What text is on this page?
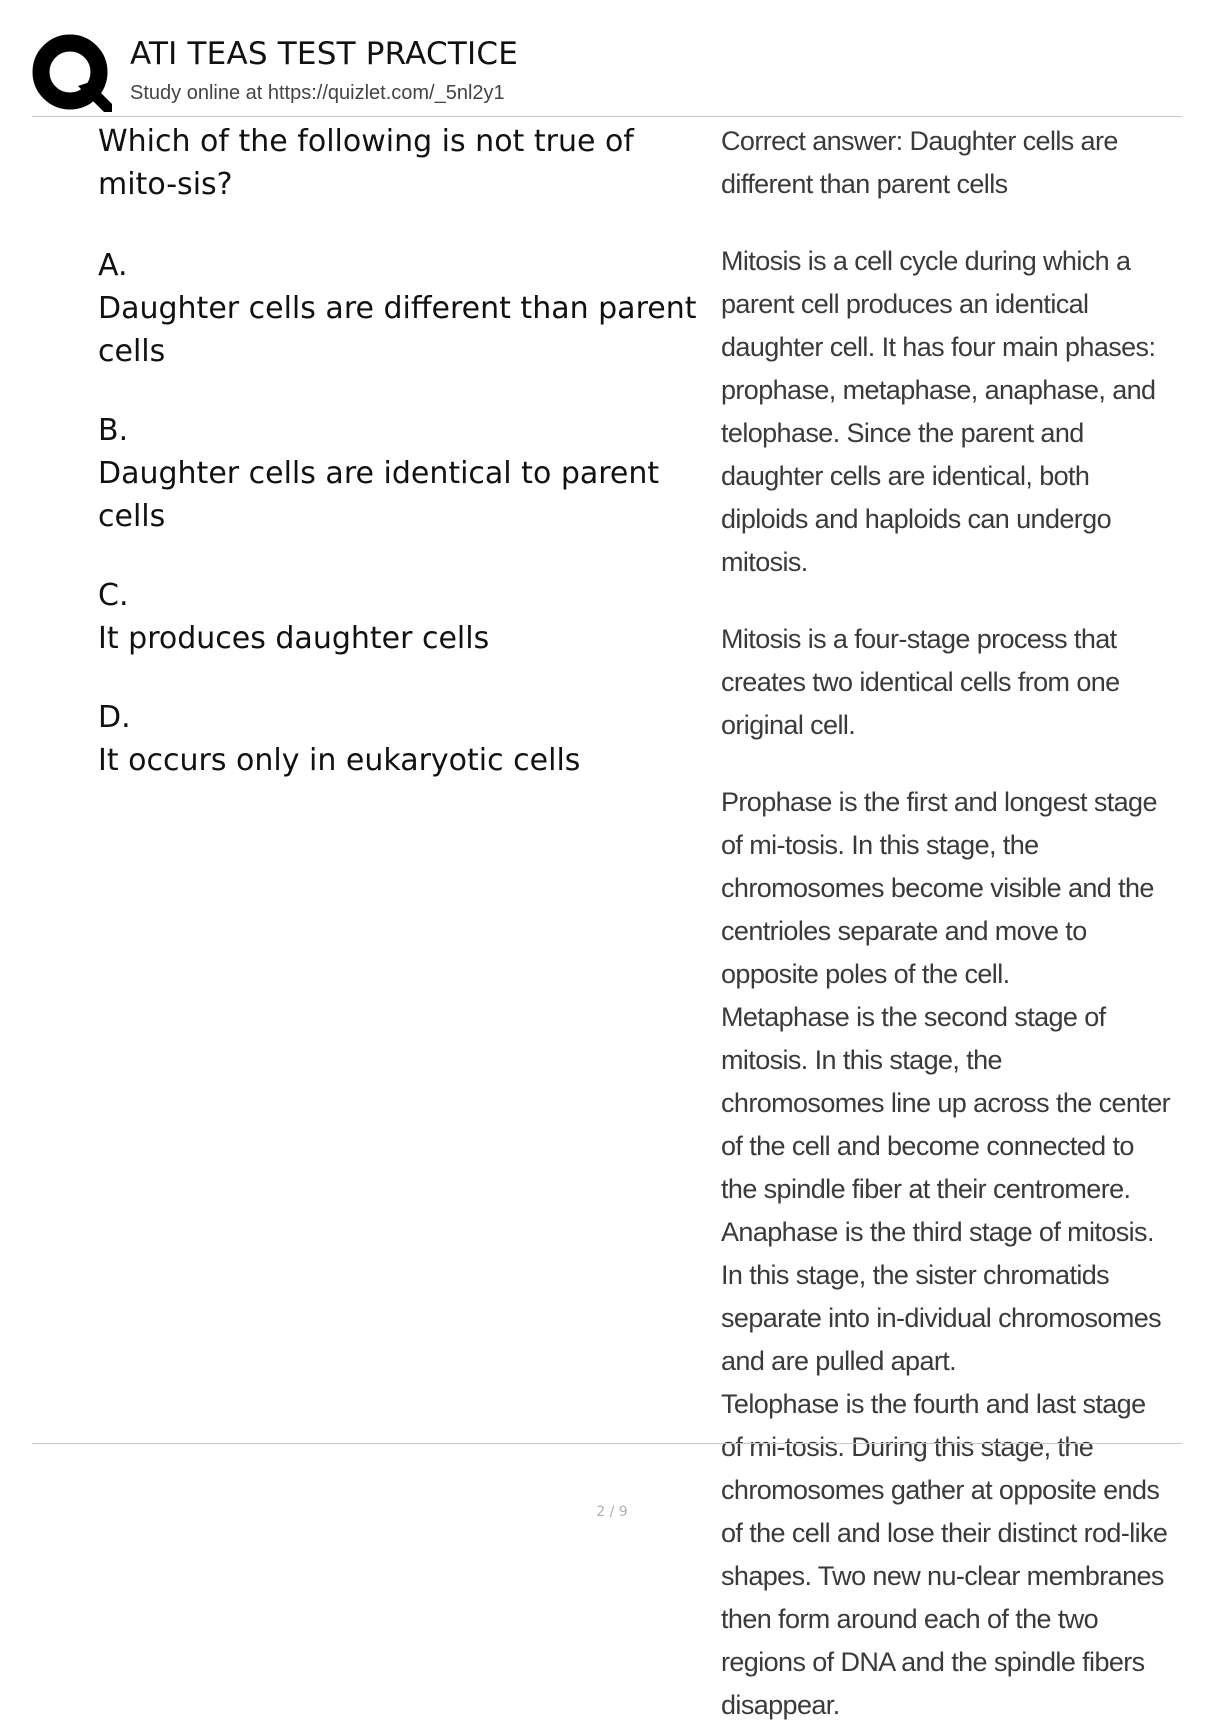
ATI TEAS TEST PRACTICE
Study online at https://quizlet.com/_5nl2y1

Which of the following is not true of mito-sis?

A.
Daughter cells are different than parent cells
B.
Daughter cells are identical to parent cells
C.
It produces daughter cells
D.
It occurs only in eukaryotic cells

Correct answer: Daughter cells are different than parent cells

Mitosis is a cell cycle during which a parent cell produces an identical daughter cell. It has four main phases: prophase, metaphase, anaphase, and telophase. Since the parent and daughter cells are identical, both diploids and haploids can undergo mitosis.

Mitosis is a four-stage process that creates two identical cells from one original cell.

Prophase is the first and longest stage of mi-tosis. In this stage, the chromosomes become visible and the centrioles separate and move to opposite poles of the cell.

Metaphase is the second stage of mitosis. In this stage, the chromosomes line up across the center of the cell and become connected to the spindle fiber at their centromere.

Anaphase is the third stage of mitosis. In this stage, the sister chromatids separate into in-dividual chromosomes and are pulled apart.

Telophase is the fourth and last stage of mi-tosis. During this stage, the chromosomes gather at opposite ends of the cell and lose their distinct rod-like shapes. Two new nu-clear membranes then form around each of the two regions of DNA and the spindle fibers disappear.

2 / 9
